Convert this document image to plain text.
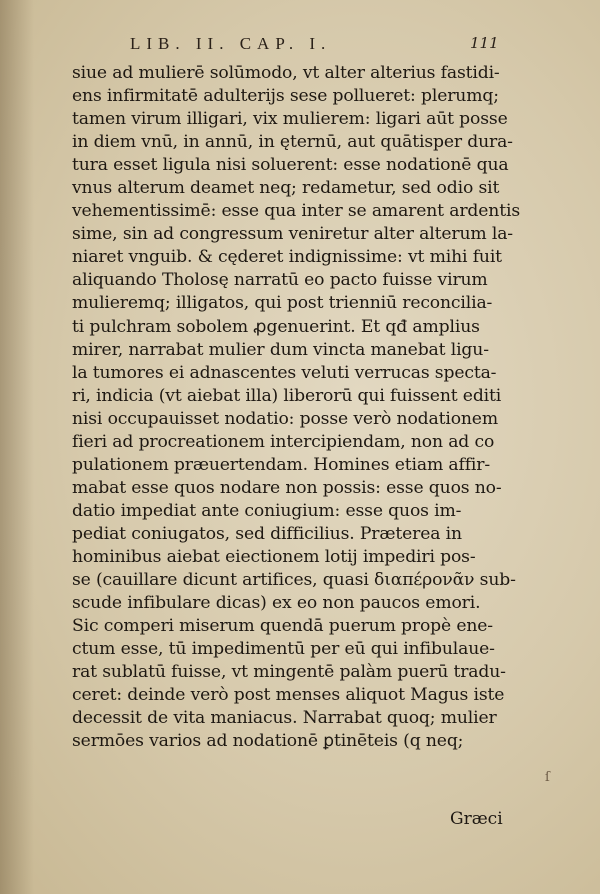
LIB. II. CAP. I.	111
siue ad mulierē solūmodo, vt alter alterius fastidi-
ens infirmitatē adulterijs sese pollueret: plerumq;
tamen virum illigari, vix mulierem: ligari aūt posse
in diem vnū, in annū, in ęternū, aut quātisper dura-
tura esset ligula nisi soluerent: esse nodationē qua
vnus alterum deamet neq; redametur, sed odio sit
vehementissimē: esse qua inter se amarent ardentis
sime, sin ad congressum veniretur alter alterum la-
niaret vnguib. & cęderet indignissime: vt mihi fuit
aliquando Tholosę narratū eo pacto fuisse virum
mulieremq; illigatos, qui post trienniū reconcilia-
ti pulchram sobolem ꝓgenuerint. Et qđ amplius
mirer, narrabat mulier dum vincta manebat ligu-
la tumores ei adnascentes veluti verrucas specta-
ri, indicia (vt aiebat illa) liberorū qui fuissent editi
nisi occupauisset nodatio: posse verò nodationem
fieri ad procreationem intercipiendam, non ad co
pulationem præuertendam. Homines etiam affir-
mabat esse quos nodare non possis: esse quos no-
datio impediat ante coniugium: esse quos im-
pediat coniugatos, sed difficilius. Præterea in
hominibus aiebat eiectionem lotij impediri pos-
se (cauillare dicunt artifices, quasi διαπέρονᾶν sub-
scude infibulare dicas) ex eo non paucos emori.
Sic comperi miserum quendā puerum propè ene-
ctum esse, tū impedimentū per eū qui infibulaue-
rat sublatū fuisse, vt mingentē palàm puerū tradu-
ceret: deinde verò post menses aliquot Magus iste
decessit de vita maniacus. Narrabat quoq; mulier
sermōes varios ad nodationē ꝑtinēteis (q neq;
ſ
Græci
